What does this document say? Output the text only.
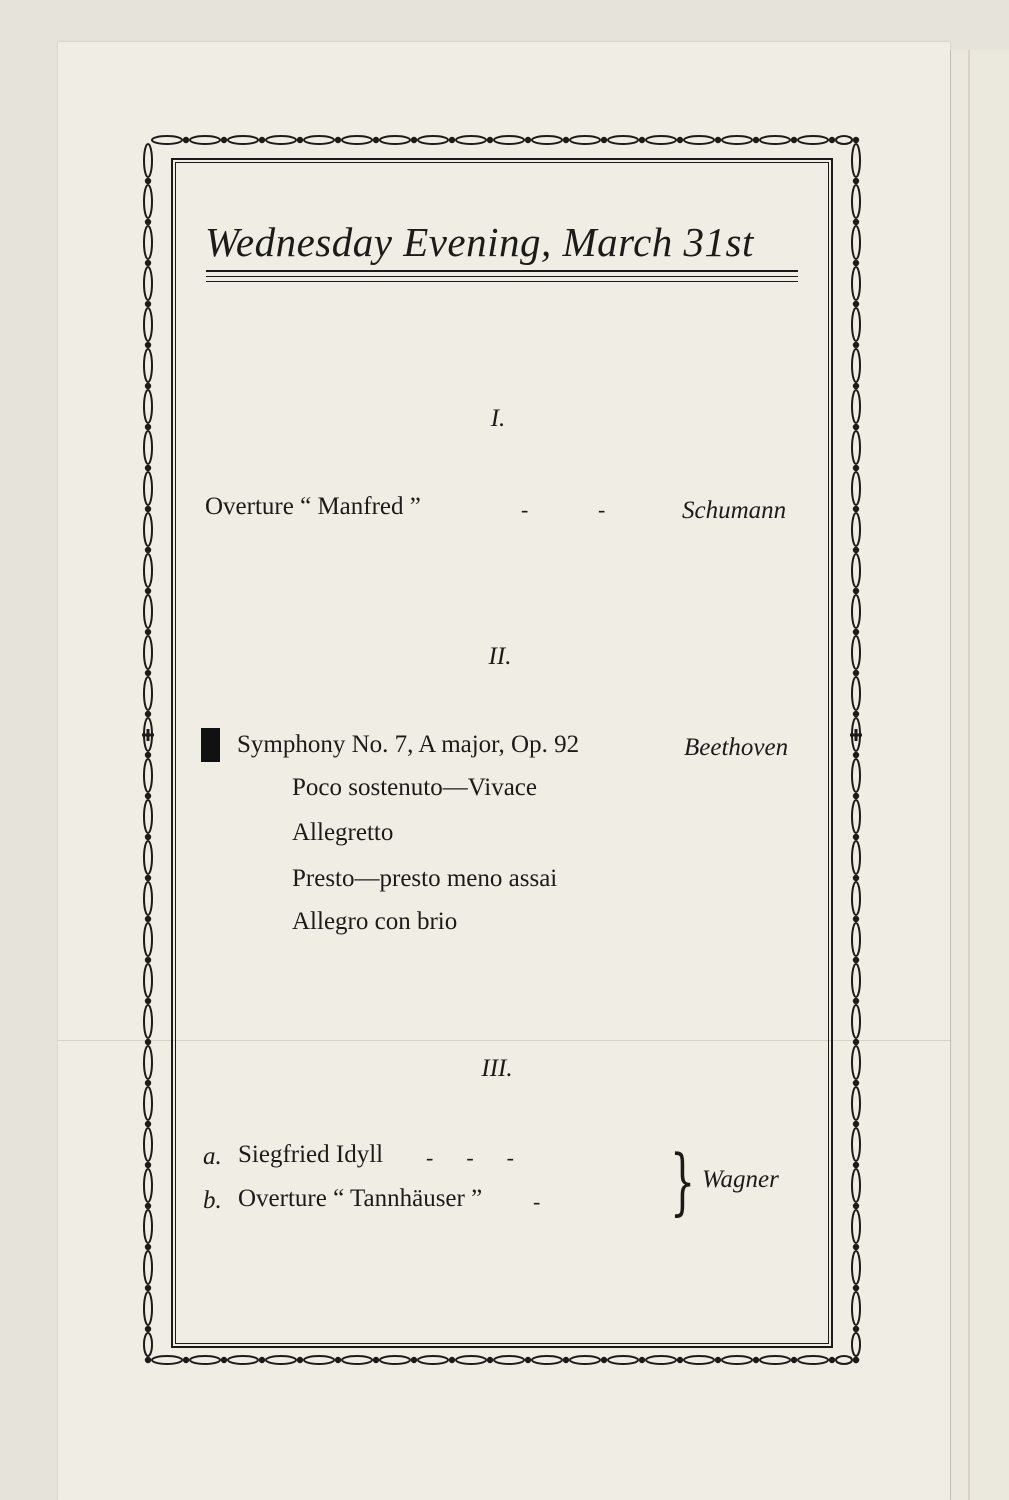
Wednesday Evening, March 31st
I.
Overture “ Manfred ”	-	-	Schumann
II.
Symphony No. 7, A major, Op. 92	Beethoven
Poco sostenuto—Vivace
Allegretto
Presto—presto meno assai
Allegro con brio
III.
a. Siegfried Idyll -      -      -
b. Overture “ Tannhäuser ” - } Wagner
